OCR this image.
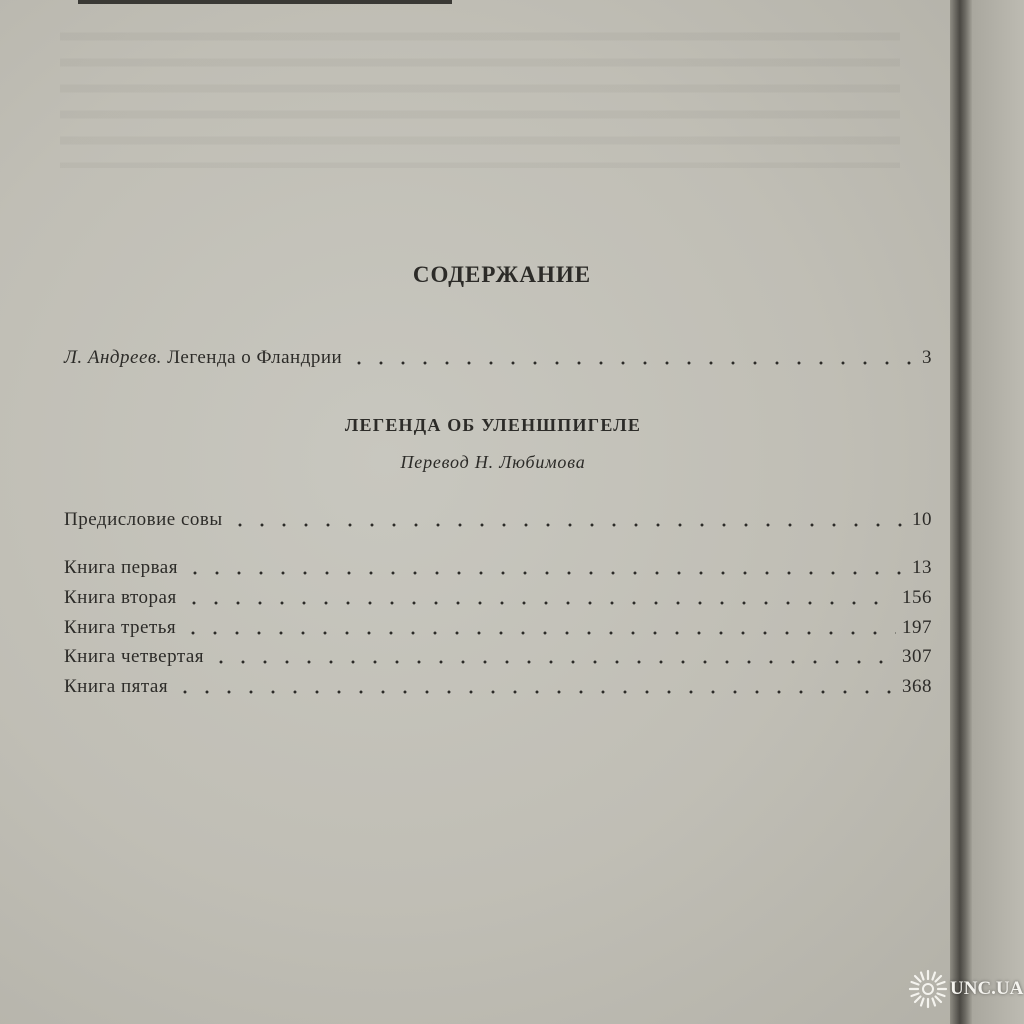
СОДЕРЖАНИЕ
Л. Андреев. Легенда о Фландрии	3
ЛЕГЕНДА ОБ УЛЕНШПИГЕЛЕ
Перевод Н. Любимова
Предисловие совы	10
Книга первая	13
Книга вторая	156
Книга третья	197
Книга четвертая	307
Книга пятая	368
UNC.UA
